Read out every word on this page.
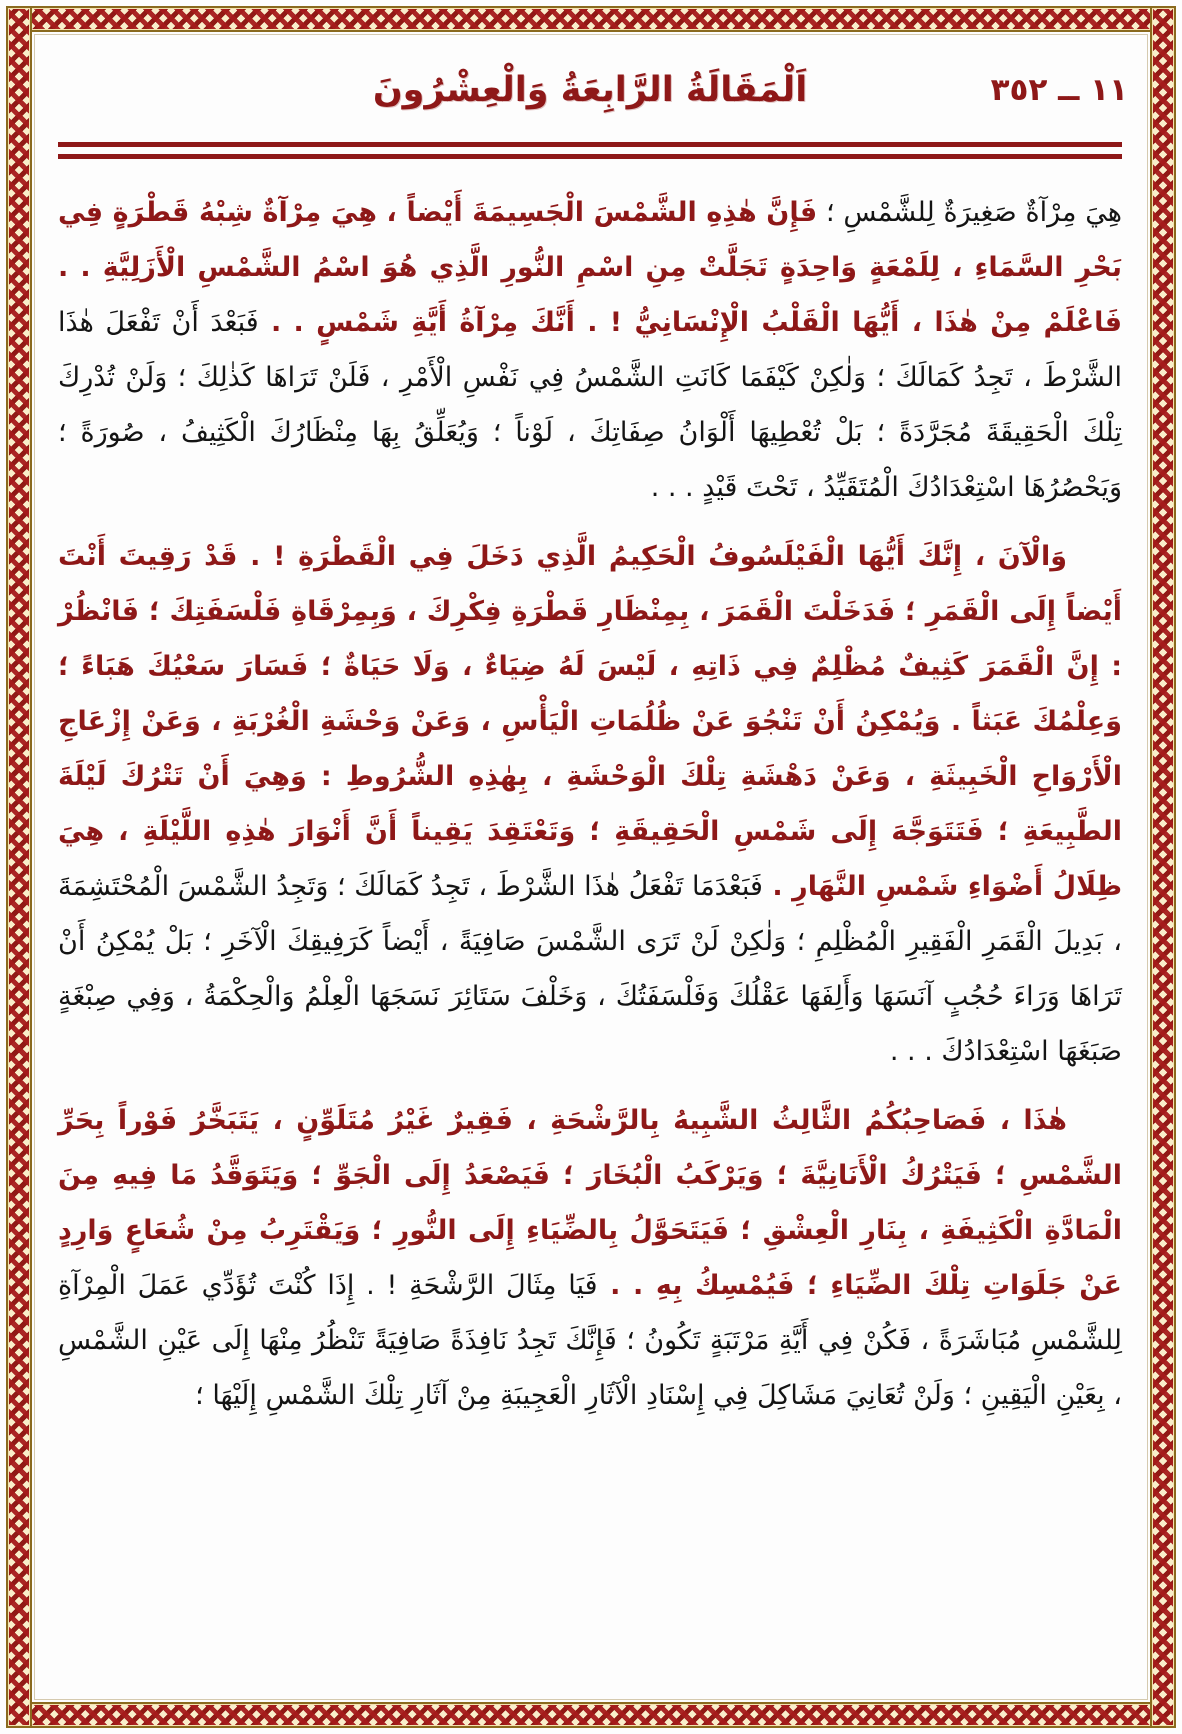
اَلْمَقَالَةُ الرَّابِعَةُ وَالْعِشْرُونَ	٣٥٢ ــ ١١
هِيَ مِرْآةٌ صَغِيرَةٌ لِلشَّمْسِ ؛ فَإِنَّ هٰذِهِ الشَّمْسَ الْجَسِيمَةَ أَيْضاً ، هِيَ مِرْآةٌ شِبْهُ قَطْرَةٍ فِي بَحْرِ السَّمَاءِ ، لِلَمْعَةٍ وَاحِدَةٍ تَجَلَّتْ مِنِ اسْمِ النُّورِ الَّذِي هُوَ اسْمُ الشَّمْسِ الْأَزَلِيَّةِ . . فَاعْلَمْ مِنْ هٰذَا ، أَيُّهَا الْقَلْبُ الْإِنْسَانِيُّ ! . أَنَّكَ مِرْآةُ أَيَّةِ شَمْسٍ . . فَبَعْدَ أَنْ تَفْعَلَ هٰذَا الشَّرْطَ ، تَجِدُ كَمَالَكَ ؛ وَلٰكِنْ كَيْفَمَا كَانَتِ الشَّمْسُ فِي نَفْسِ الْأَمْرِ ، فَلَنْ تَرَاهَا كَذٰلِكَ ؛ وَلَنْ تُدْرِكَ تِلْكَ الْحَقِيقَةَ مُجَرَّدَةً ؛ بَلْ تُعْطِيهَا أَلْوَانُ صِفَاتِكَ ، لَوْناً ؛ وَيُعَلِّقُ بِهَا مِنْظَارُكَ الْكَثِيفُ ، صُورَةً ؛ وَيَحْصُرُهَا اسْتِعْدَادُكَ الْمُتَقَيِّدُ ، تَحْتَ قَيْدٍ . . .
وَالْآنَ ، إِنَّكَ أَيُّهَا الْفَيْلَسُوفُ الْحَكِيمُ الَّذِي دَخَلَ فِي الْقَطْرَةِ ! . قَدْ رَقِيتَ أَنْتَ أَيْضاً إِلَى الْقَمَرِ ؛ فَدَخَلْتَ الْقَمَرَ ، بِمِنْظَارِ قَطْرَةِ فِكْرِكَ ، وَبِمِرْقَاةِ فَلْسَفَتِكَ ؛ فَانْظُرْ : إِنَّ الْقَمَرَ كَثِيفٌ مُظْلِمٌ فِي ذَاتِهِ ، لَيْسَ لَهُ ضِيَاءٌ ، وَلَا حَيَاةٌ ؛ فَسَارَ سَعْيُكَ هَبَاءً ؛ وَعِلْمُكَ عَبَثاً . وَيُمْكِنُ أَنْ تَنْجُوَ عَنْ ظُلُمَاتِ الْيَأْسِ ، وَعَنْ وَحْشَةِ الْغُرْبَةِ ، وَعَنْ إِزْعَاجِ الْأَرْوَاحِ الْخَبِيثَةِ ، وَعَنْ دَهْشَةِ تِلْكَ الْوَحْشَةِ ، بِهٰذِهِ الشُّرُوطِ : وَهِيَ أَنْ تَتْرُكَ لَيْلَةَ الطَّبِيعَةِ ؛ فَتَتَوَجَّهَ إِلَى شَمْسِ الْحَقِيقَةِ ؛ وَتَعْتَقِدَ يَقِيناً أَنَّ أَنْوَارَ هٰذِهِ اللَّيْلَةِ ، هِيَ ظِلَالُ أَضْوَاءِ شَمْسِ النَّهَارِ . فَبَعْدَمَا تَفْعَلُ هٰذَا الشَّرْطَ ، تَجِدُ كَمَالَكَ ؛ وَتَجِدُ الشَّمْسَ الْمُحْتَشِمَةَ ، بَدِيلَ الْقَمَرِ الْفَقِيرِ الْمُظْلِمِ ؛ وَلٰكِنْ لَنْ تَرَى الشَّمْسَ صَافِيَةً ، أَيْضاً كَرَفِيقِكَ الْآخَرِ ؛ بَلْ يُمْكِنُ أَنْ تَرَاهَا وَرَاءَ حُجُبٍ آنَسَهَا وَأَلِفَهَا عَقْلُكَ وَفَلْسَفَتُكَ ، وَخَلْفَ سَتَائِرَ نَسَجَهَا الْعِلْمُ وَالْحِكْمَةُ ، وَفِي صِبْغَةٍ صَبَغَهَا اسْتِعْدَادُكَ . . .
هٰذَا ، فَصَاحِبُكُمُ الثَّالِثُ الشَّبِيهُ بِالرَّشْحَةِ ، فَقِيرٌ غَيْرُ مُتَلَوِّنٍ ، يَتَبَخَّرُ فَوْراً بِحَرِّ الشَّمْسِ ؛ فَيَتْرُكُ الْأَنَانِيَّةَ ؛ وَيَرْكَبُ الْبُخَارَ ؛ فَيَصْعَدُ إِلَى الْجَوِّ ؛ وَيَتَوَقَّدُ مَا فِيهِ مِنَ الْمَادَّةِ الْكَثِيفَةِ ، بِنَارِ الْعِشْقِ ؛ فَيَتَحَوَّلُ بِالضِّيَاءِ إِلَى النُّورِ ؛ وَيَقْتَرِبُ مِنْ شُعَاعٍ وَارِدٍ عَنْ جَلَوَاتِ تِلْكَ الضِّيَاءِ ؛ فَيُمْسِكُ بِهِ . . فَيَا مِثَالَ الرَّشْحَةِ ! . إِذَا كُنْتَ تُؤَدِّي عَمَلَ الْمِرْآةِ لِلشَّمْسِ مُبَاشَرَةً ، فَكُنْ فِي أَيَّةِ مَرْتَبَةٍ تَكُونُ ؛ فَإِنَّكَ تَجِدُ نَافِذَةً صَافِيَةً تَنْظُرُ مِنْهَا إِلَى عَيْنِ الشَّمْسِ ، بِعَيْنِ الْيَقِينِ ؛ وَلَنْ تُعَانِيَ مَشَاكِلَ فِي إِسْنَادِ الْآثَارِ الْعَجِيبَةِ مِنْ آثَارِ تِلْكَ الشَّمْسِ إِلَيْهَا ؛
